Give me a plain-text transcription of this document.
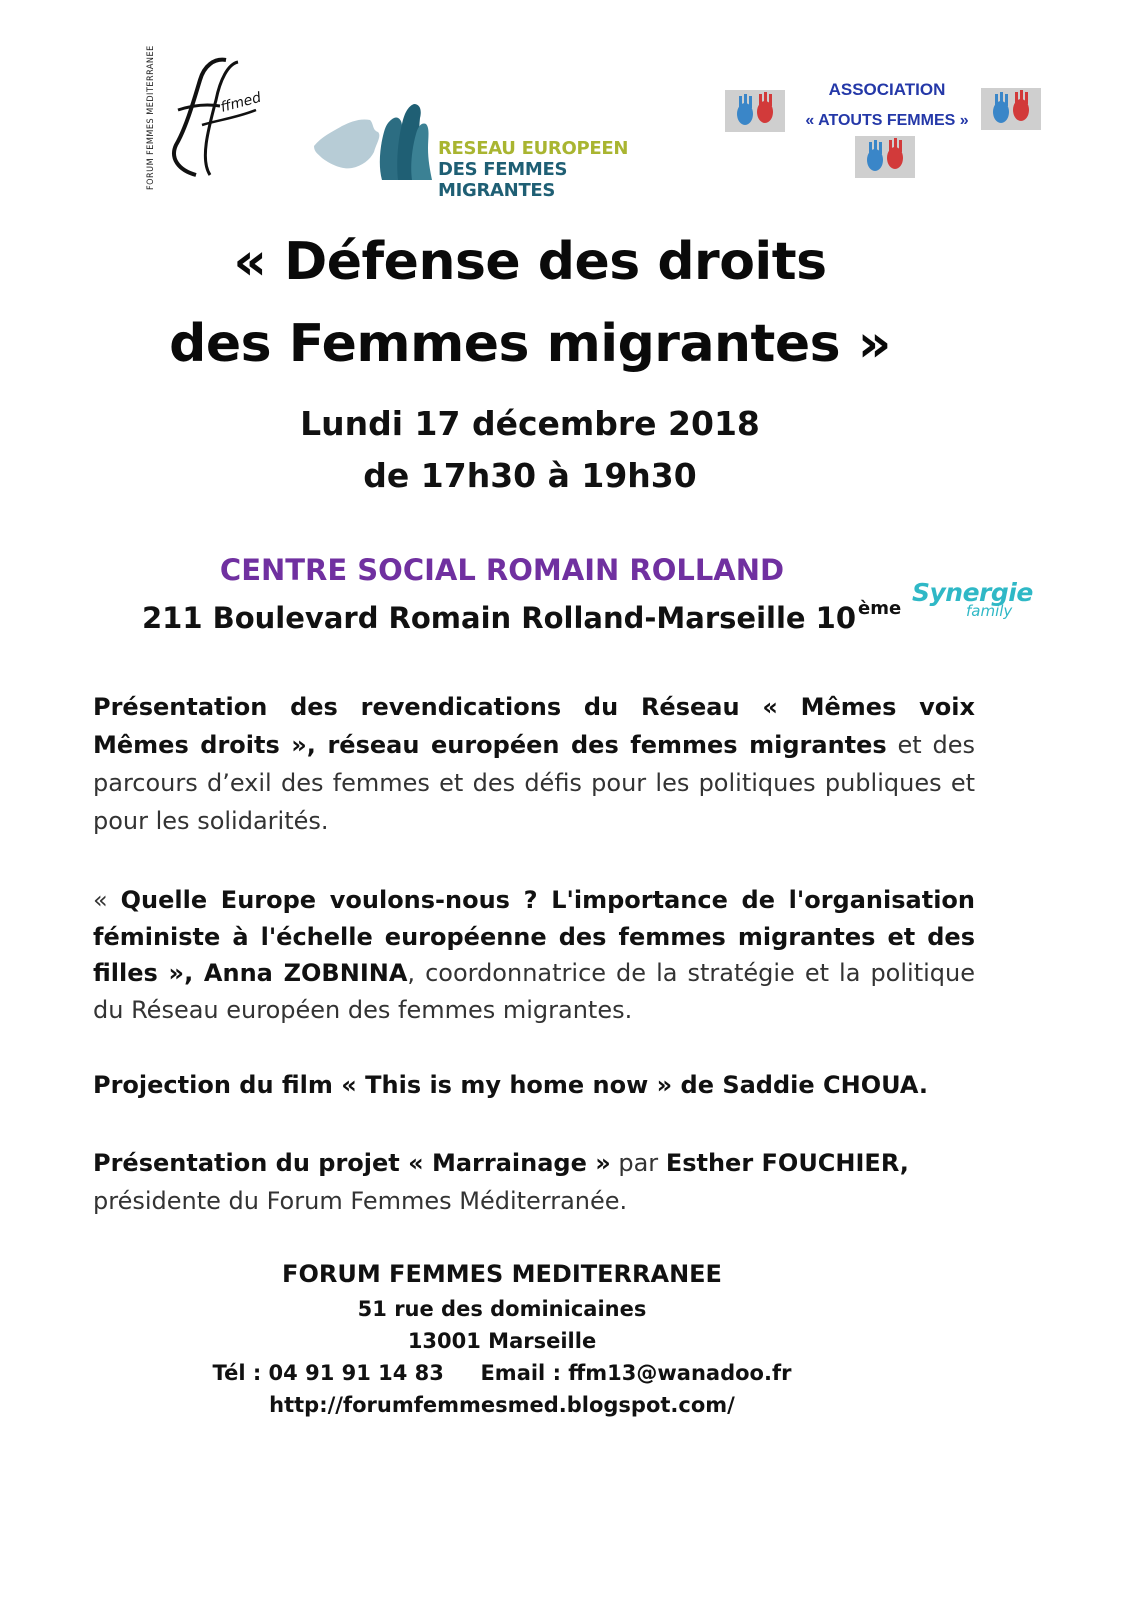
FORUM FEMMES MEDITERRANEE	ffmed
RESEAU EUROPEEN
DES FEMMES MIGRANTES
ASSOCIATION
« ATOUTS FEMMES »
« Défense des droits
des Femmes migrantes »
Lundi 17 décembre 2018
de 17h30 à 19h30
CENTRE SOCIAL ROMAIN ROLLAND
211 Boulevard Romain Rolland-Marseille 10 $^{ème}$
Synergie
family
Présentation des revendications du Réseau « Mêmes voix Mêmes droits », réseau européen des femmes migrantes et des parcours d’exil des femmes et des défis pour les politiques publiques et pour les solidarités.
« Quelle Europe voulons-nous ? L'importance de l'organisation féministe à l'échelle européenne des femmes migrantes et des filles », Anna ZOBNINA, coordonnatrice de la stratégie et la politique du Réseau européen des femmes migrantes.
Projection du film « This is my home now » de Saddie CHOUA.
Présentation du projet « Marrainage » par Esther FOUCHIER,
présidente du Forum Femmes Méditerranée.
FORUM FEMMES MEDITERRANEE
51 rue des dominicaines
13001 Marseille
Tél : 04 91 91 14 83     Email : ffm13@wanadoo.fr
http://forumfemmesmed.blogspot.com/
